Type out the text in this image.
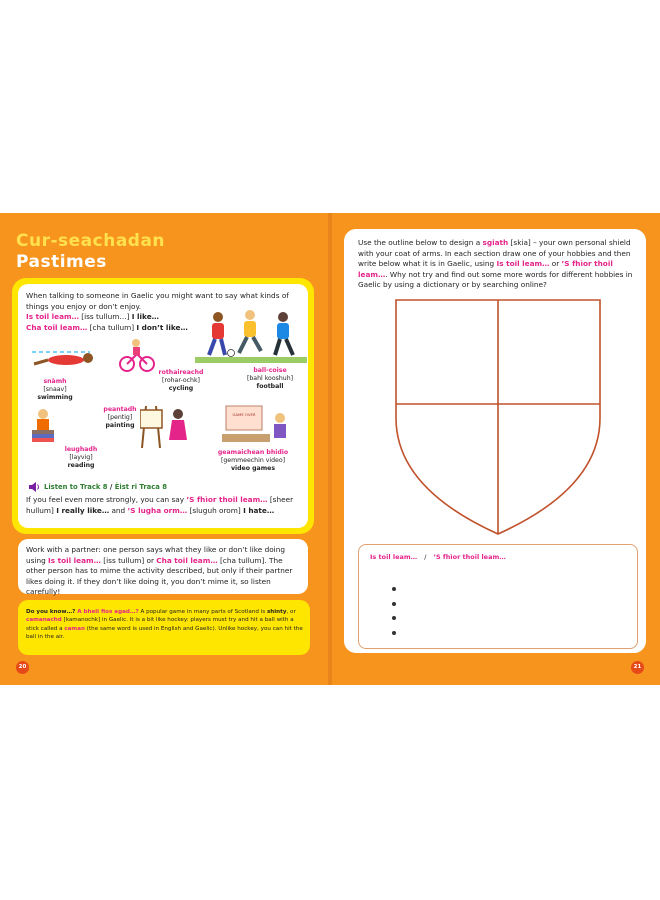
Cur-seachadan
Pastimes
When talking to someone in Gaelic you might want to say what kinds of things you enjoy or don’t enjoy.
Is toil leam… [iss tullum…] I like…
Cha toil leam… [cha tullum] I don’t like…
GAME OVER
snàmh
[snaav]
swimming
rothaireachd
[rohar-ochk]
cycling
ball-coise
[bahl kooshuh]
football
peantadh
[pentig]
painting
leughadh
[layvig]
reading
geamaichean bhidio
[gemmeechin video]
video games
Listen to Track 8 / Èist ri Traca 8
If you feel even more strongly, you can say ’S fhìor thoil leam… [sheer hullum] I really like… and ’S lugha orm… [sluguh orom] I hate…
Work with a partner: one person says what they like or don’t like doing using Is toil leam… [iss tullum] or Cha toil leam… [cha tullum]. The other person has to mime the activity described, but only if their partner likes doing it. If they don’t like doing it, you don’t mime it, so listen carefully!
Do you know…? A bheil fios agad…? A popular game in many parts of Scotland is shinty, or camanachd [kamanochk] in Gaelic. It is a bit like hockey: players must try and hit a ball with a stick called a caman (the same word is used in English and Gaelic). Unlike hockey, you can hit the ball in the air.
20
Use the outline below to design a sgiath [skia] – your own personal shield with your coat of arms. In each section draw one of your hobbies and then write below what it is in Gaelic, using Is toil leam… or ’S fhìor thoil leam…. Why not try and find out some more words for different hobbies in Gaelic by using a dictionary or by searching online?
Is toil leam… / ’S fhìor thoil leam…
21
